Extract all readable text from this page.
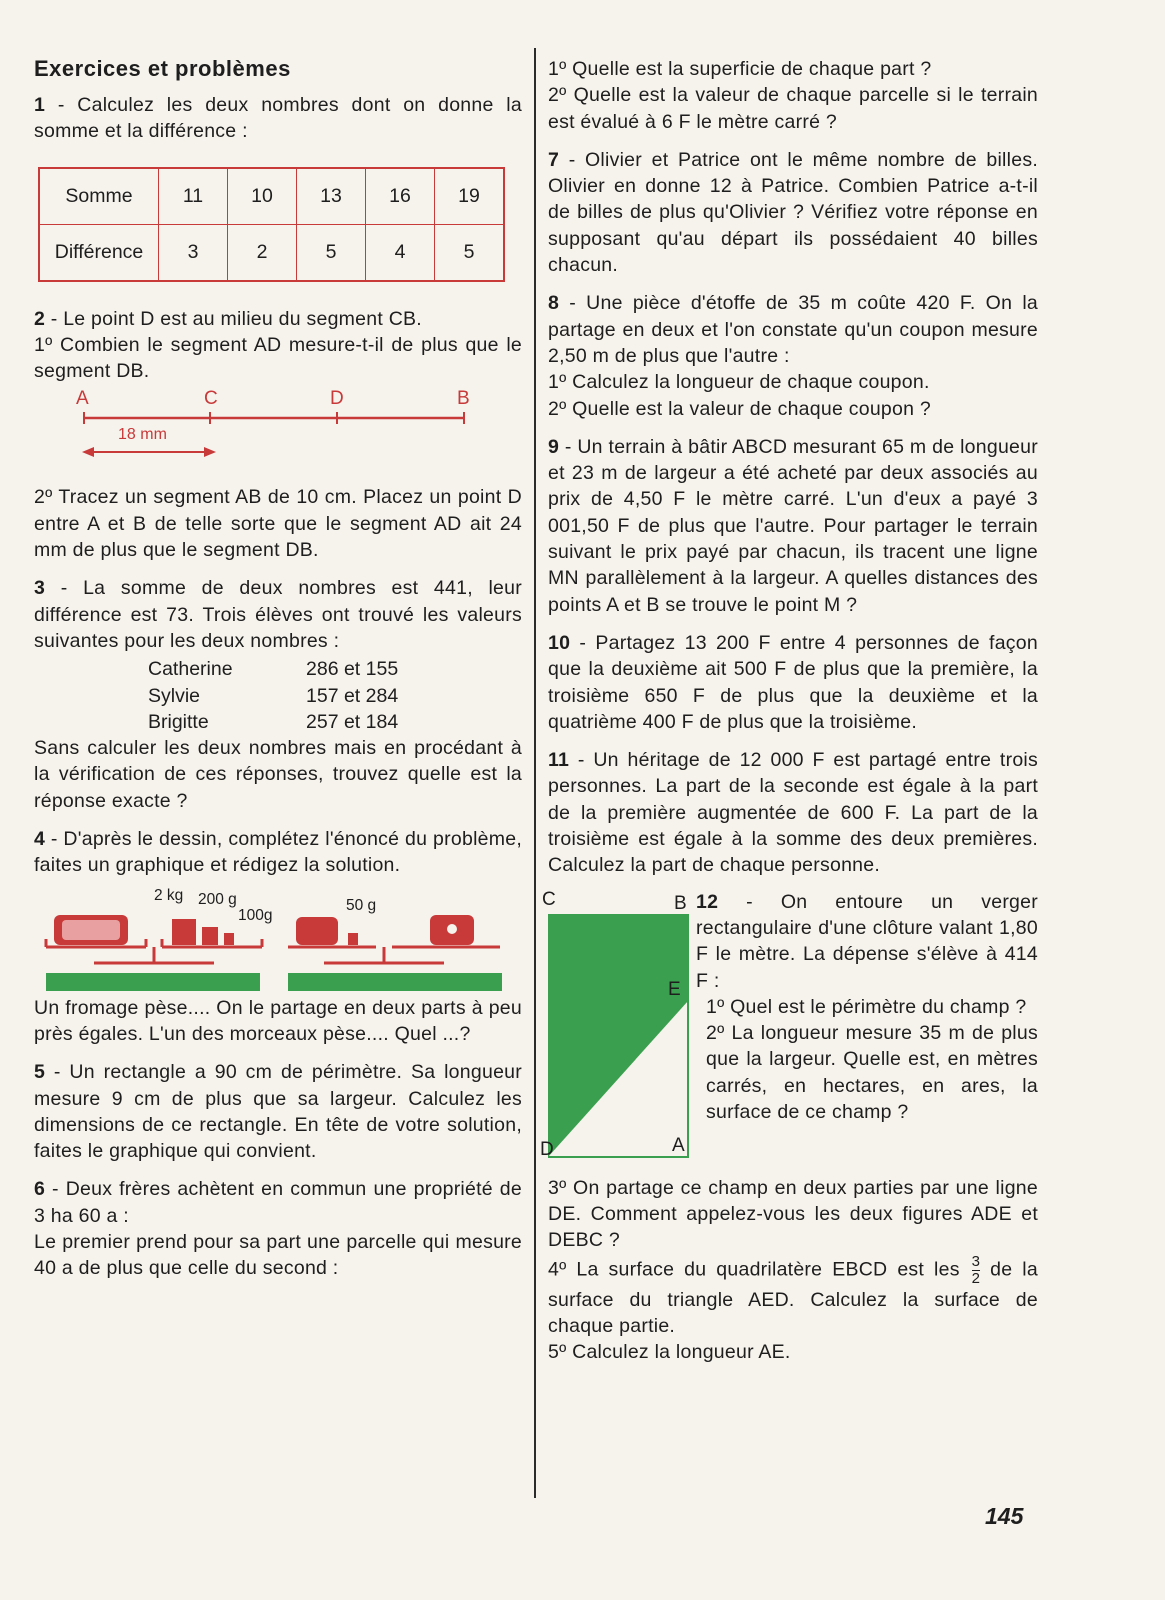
Exercices et problèmes

1 - Calculez les deux nombres dont on donne la somme et la différence :

Somme	11	10	13	16	19
Différence	3	2	5	4	5

2 - Le point D est au milieu du segment CB.

1º Combien le segment AD mesure-t-il de plus que le segment DB.

A	C	D	B
18 mm

2º Tracez un segment AB de 10 cm. Placez un point D entre A et B de telle sorte que le segment AD ait 24 mm de plus que le segment DB.

3 - La somme de deux nombres est 441, leur différence est 73. Trois élèves ont trouvé les valeurs suivantes pour les deux nombres :

Catherine	286 et 155
Sylvie	157 et 284
Brigitte	257 et 184

Sans calculer les deux nombres mais en procédant à la vérification de ces réponses, trouvez quelle est la réponse exacte ?

4 - D'après le dessin, complétez l'énoncé du problème, faites un graphique et rédigez la solution.

2 kg 200 g
100g
50 g

Un fromage pèse.... On le partage en deux parts à peu près égales. L'un des morceaux pèse.... Quel ...?

5 - Un rectangle a 90 cm de périmètre. Sa longueur mesure 9 cm de plus que sa largeur. Calculez les dimensions de ce rectangle. En tête de votre solution, faites le graphique qui convient.

6 - Deux frères achètent en commun une propriété de 3 ha 60 a :

Le premier prend pour sa part une parcelle qui mesure 40 a de plus que celle du second :

1º Quelle est la superficie de chaque part ?

2º Quelle est la valeur de chaque parcelle si le terrain est évalué à 6 F le mètre carré ?

7 - Olivier et Patrice ont le même nombre de billes. Olivier en donne 12 à Patrice. Combien Patrice a-t-il de billes de plus qu'Olivier ? Vérifiez votre réponse en supposant qu'au départ ils possédaient 40 billes chacun.

8 - Une pièce d'étoffe de 35 m coûte 420 F. On la partage en deux et l'on constate qu'un coupon mesure 2,50 m de plus que l'autre :

1º Calculez la longueur de chaque coupon.

2º Quelle est la valeur de chaque coupon ?

9 - Un terrain à bâtir ABCD mesurant 65 m de longueur et 23 m de largeur a été acheté par deux associés au prix de 4,50 F le mètre carré. L'un d'eux a payé 3 001,50 F de plus que l'autre. Pour partager le terrain suivant le prix payé par chacun, ils tracent une ligne MN parallèlement à la largeur. A quelles distances des points A et B se trouve le point M ?

10 - Partagez 13 200 F entre 4 personnes de façon que la deuxième ait 500 F de plus que la première, la troisième 650 F de plus que la deuxième et la quatrième 400 F de plus que la troisième.

11 - Un héritage de 12 000 F est partagé entre trois personnes. La part de la seconde est égale à la part de la première augmentée de 600 F. La part de la troisième est égale à la somme des deux premières. Calculez la part de chaque personne.

C	B
E
D	A

12 - On entoure un verger rectangulaire d'une clôture valant 1,80 F le mètre. La dépense s'élève à 414 F :

1º Quel est le périmètre du champ ?

2º La longueur mesure 35 m de plus que la largeur. Quelle est, en mètres carrés, en hectares, en ares, la surface de ce champ ?

3º On partage ce champ en deux parties par une ligne DE. Comment appelez-vous les deux figures ADE et DEBC ?

4º La surface du quadrilatère EBCD est les $\frac{3}{2}$ de la surface du triangle AED. Calculez la surface de chaque partie.

5º Calculez la longueur AE.

145
